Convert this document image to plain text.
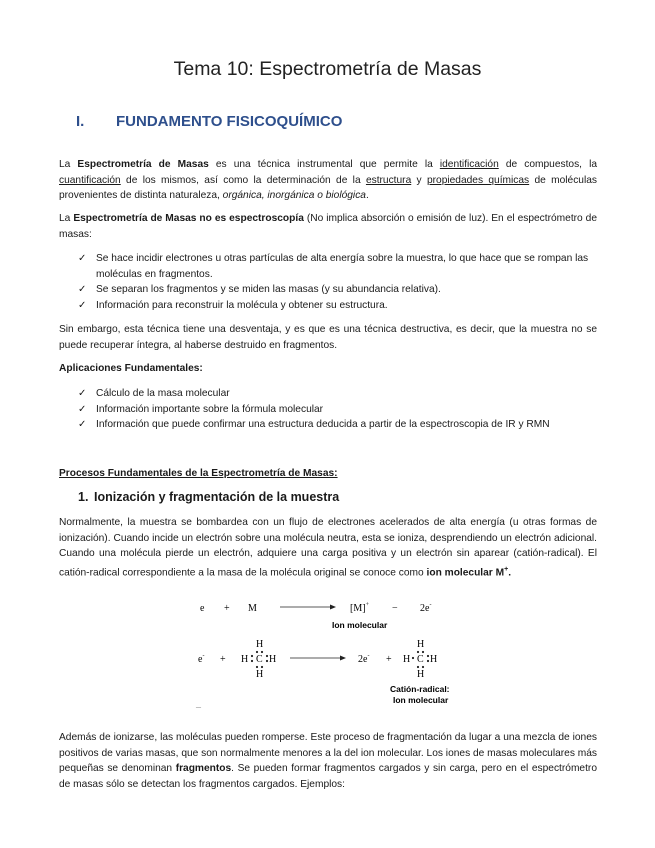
Tema 10: Espectrometría de Masas
I. FUNDAMENTO FISICOQUÍMICO

La Espectrometría de Masas es una técnica instrumental que permite la identificación de compuestos, la cuantificación de los mismos, así como la determinación de la estructura y propiedades químicas de moléculas provenientes de distinta naturaleza, orgánica, inorgánica o biológica.

La Espectrometría de Masas no es espectroscopía (No implica absorción o emisión de luz). En el espectrómetro de masas:

✓ Se hace incidir electrones u otras partículas de alta energía sobre la muestra, lo que hace que se rompan las moléculas en fragmentos.
✓ Se separan los fragmentos y se miden las masas (y su abundancia relativa).
✓ Información para reconstruir la molécula y obtener su estructura.

Sin embargo, esta técnica tiene una desventaja, y es que es una técnica destructiva, es decir, que la muestra no se puede recuperar íntegra, al haberse destruido en fragmentos.

Aplicaciones Fundamentales:

✓ Cálculo de la masa molecular
✓ Información importante sobre la fórmula molecular
✓ Información que puede confirmar una estructura deducida a partir de la espectroscopia de IR y RMN

Procesos Fundamentales de la Espectrometría de Masas:

1. Ionización y fragmentación de la muestra

Normalmente, la muestra se bombardea con un flujo de electrones acelerados de alta energía (u otras formas de ionización). Cuando incide un electrón sobre una molécula neutra, esta se ioniza, desprendiendo un electrón adicional. Cuando una molécula pierde un electrón, adquiere una carga positiva y un electrón sin aparear (catión-radical). El catión-radical correspondiente a la masa de la molécula original se conoce como ion molecular M+.

e + M	[M]+ − 2e-
Ion molecular
e- +
H
H C H
H
2e- +
H
H C H
H
Catión-radical:
Ion molecular
–

Además de ionizarse, las moléculas pueden romperse. Este proceso de fragmentación da lugar a una mezcla de iones positivos de varias masas, que son normalmente menores a la del ion molecular. Los iones de masas moleculares más pequeñas se denominan fragmentos. Se pueden formar fragmentos cargados y sin carga, pero en el espectrómetro de masas sólo se detectan los fragmentos cargados. Ejemplos:
